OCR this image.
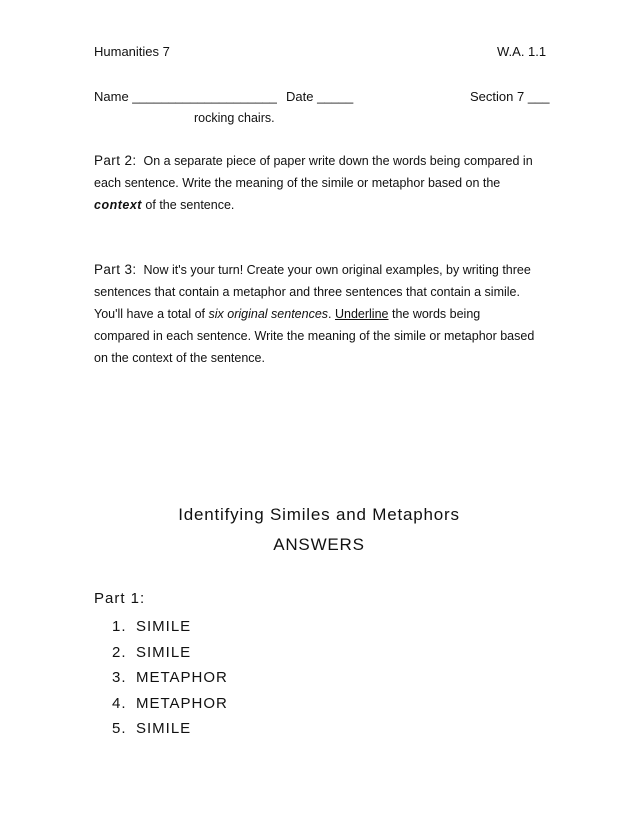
Humanities 7	W.A. 1.1
Name ____________________ Date _____	Section 7 ___
rocking chairs.
Part 2: On a separate piece of paper write down the words being compared in
each sentence. Write the meaning of the simile or metaphor based on the
context of the sentence.
Part 3: Now it's your turn! Create your own original examples, by writing three
sentences that contain a metaphor and three sentences that contain a simile.
You'll have a total of six original sentences. Underline the words being
compared in each sentence. Write the meaning of the simile or metaphor based
on the context of the sentence.
Identifying Similes and Metaphors
ANSWERS
Part 1:
1. SIMILE
2. SIMILE
3. METAPHOR
4. METAPHOR
5. SIMILE
